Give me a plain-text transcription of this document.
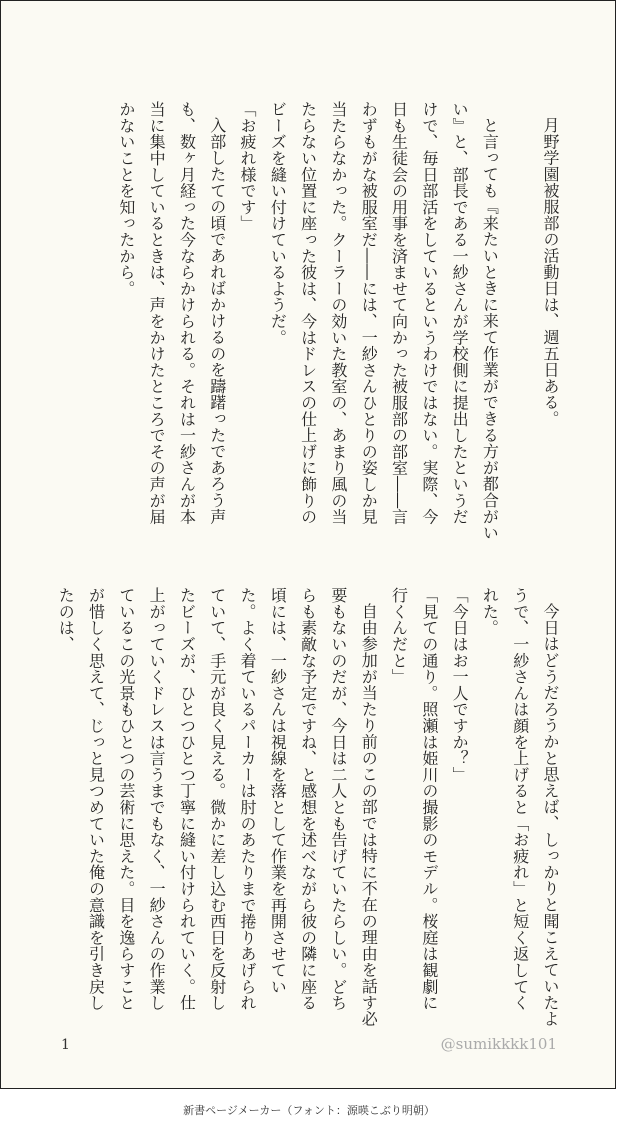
月野学園被服部の活動日は、週五日ある。

と言っても『来たいときに来て作業ができる方が都合がいい』と、部長である一紗さんが学校側に提出したというだけで、毎日部活をしているというわけではない。実際、今日も生徒会の用事を済ませて向かった被服部の部室――言わずもがな被服室だ――には、一紗さんひとりの姿しか見当たらなかった。クーラーの効いた教室の、あまり風の当たらない位置に座った彼は、今はドレスの仕上げに飾りのビーズを縫い付けているようだ。

「お疲れ様です」

入部したての頃であればかけるのを躊躇ったであろう声も、数ヶ月経った今ならかけられる。それは一紗さんが本当に集中しているときは、声をかけたところでその声が届かないことを知ったから。

今日はどうだろうかと思えば、しっかりと聞こえていたようで、一紗さんは顔を上げると「お疲れ」と短く返してくれた。

「今日はお一人ですか？」

「見ての通り。照瀬は姫川の撮影のモデル。桜庭は観劇に行くんだと」

自由参加が当たり前のこの部では特に不在の理由を話す必要もないのだが、今日は二人とも告げていたらしい。どちらも素敵な予定ですね、と感想を述べながら彼の隣に座る頃には、一紗さんは視線を落として作業を再開させていた。よく着ているパーカーは肘のあたりまで捲りあげられていて、手元が良く見える。微かに差し込む西日を反射したビーズが、ひとつひとつ丁寧に縫い付けられていく。仕上がっていくドレスは言うまでもなく、一紗さんの作業しているこの光景もひとつの芸術に思えた。目を逸らすことが惜しく思えて、じっと見つめていた俺の意識を引き戻したのは、

1	@sumikkkk101
新書ページメーカー（フォント：源暎こぶり明朝）
